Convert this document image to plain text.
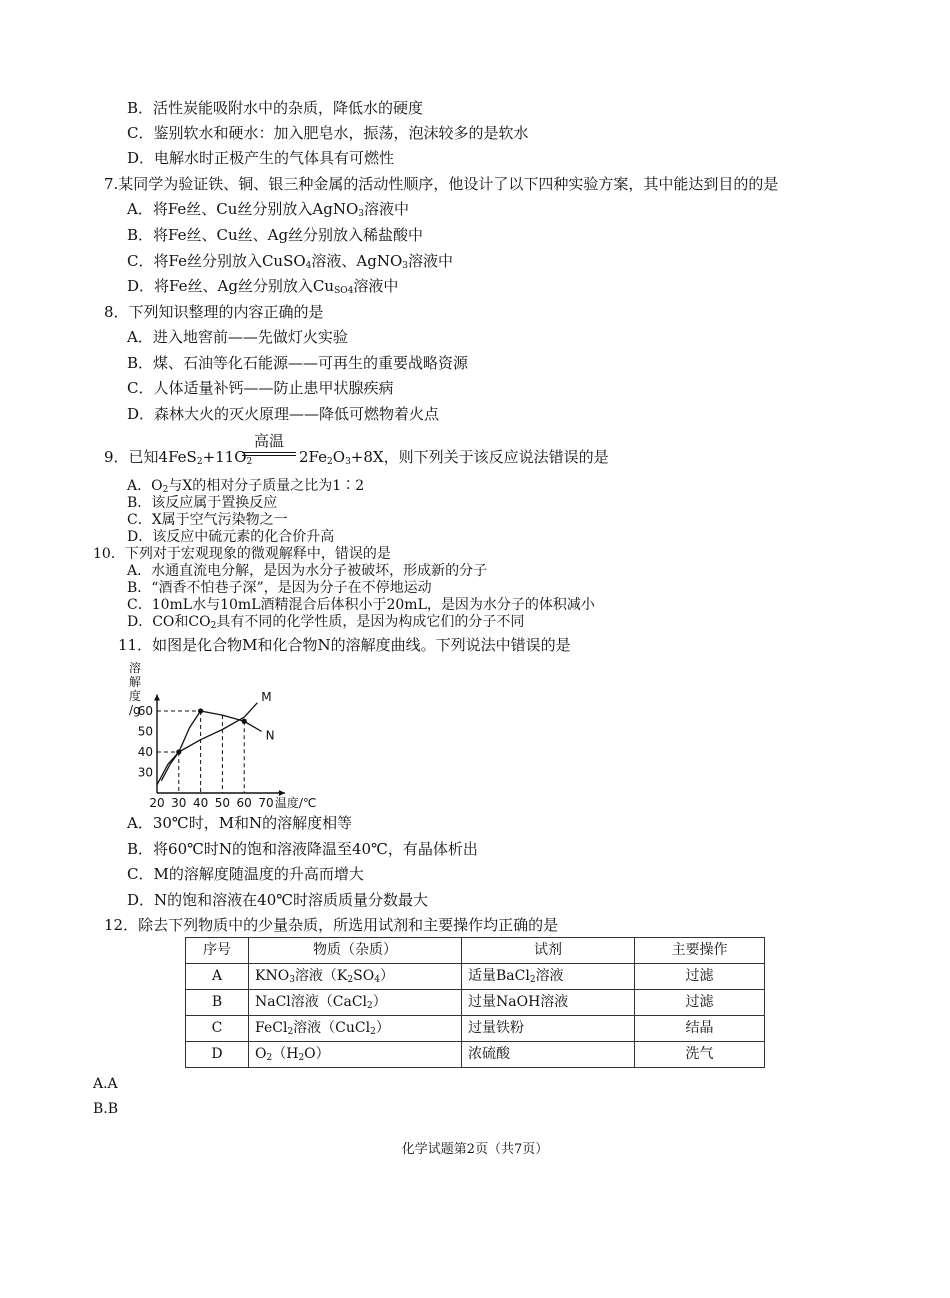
B．活性炭能吸附水中的杂质，降低水的硬度
C．鉴别软水和硬水：加入肥皂水，振荡，泡沫较多的是软水
D．电解水时正极产生的气体具有可燃性
7.某同学为验证铁、铜、银三种金属的活动性顺序，他设计了以下四种实验方案，其中能达到目的的是
A．将Fe丝、Cu丝分别放入AgNO$_3$溶液中
B．将Fe丝、Cu丝、Ag丝分别放入稀盐酸中
C．将Fe丝分别放入CuSO$_4$溶液、AgNO$_3$溶液中
D．将Fe丝、Ag丝分别放入$Cu_{SO4}$溶液中
8．下列知识整理的内容正确的是
A．进入地窖前——先做灯火实验
B．煤、石油等化石能源——可再生的重要战略资源
C．人体适量补钙——防止患甲状腺疾病
D．森林大火的灭火原理——降低可燃物着火点
高温
9．已知$4FeS_2+11O_2$	$2Fe_2O_3+8X$，则下列关于该反应说法错误的是
A．$O_2$与X的相对分子质量之比为1∶2
B．该反应属于置换反应
C．X属于空气污染物之一
D．该反应中硫元素的化合价升高
10．下列对于宏观现象的微观解释中，错误的是
A．水通直流电分解，是因为水分子被破坏，形成新的分子
B．“酒香不怕巷子深”，是因为分子在不停地运动
C．10mL水与10mL酒精混合后体积小于20mL，是因为水分子的体积减小
D．CO和$CO_2$具有不同的化学性质，是因为构成它们的分子不同
11．如图是化合物M和化合物N的溶解度曲线。下列说法中错误的是
20 30 40 50 60 70
30
40
50
60
溶
解
度
/g
温度/℃
M
N
A．30℃时，M和N的溶解度相等
B．将60℃时N的饱和溶液降温至40℃，有晶体析出
C．M的溶解度随温度的升高而增大
D．N的饱和溶液在40℃时溶质质量分数最大
12．除去下列物质中的少量杂质，所选用试剂和主要操作均正确的是
序号	物质（杂质）	试剂	主要操作
A	$KNO_3$溶液$(K_2SO_4)$	适量BaCl$_2$溶液	过滤
B	NaCl溶液（CaCl$_2$）	过量NaOH溶液	过滤
C	FeCl$_2$溶液（CuCl$_2$）	过量铁粉	结晶
D	$O_2(H_2O)$	浓硫酸	洗气
A.A
B.B
化学试题第2页（共7页）
